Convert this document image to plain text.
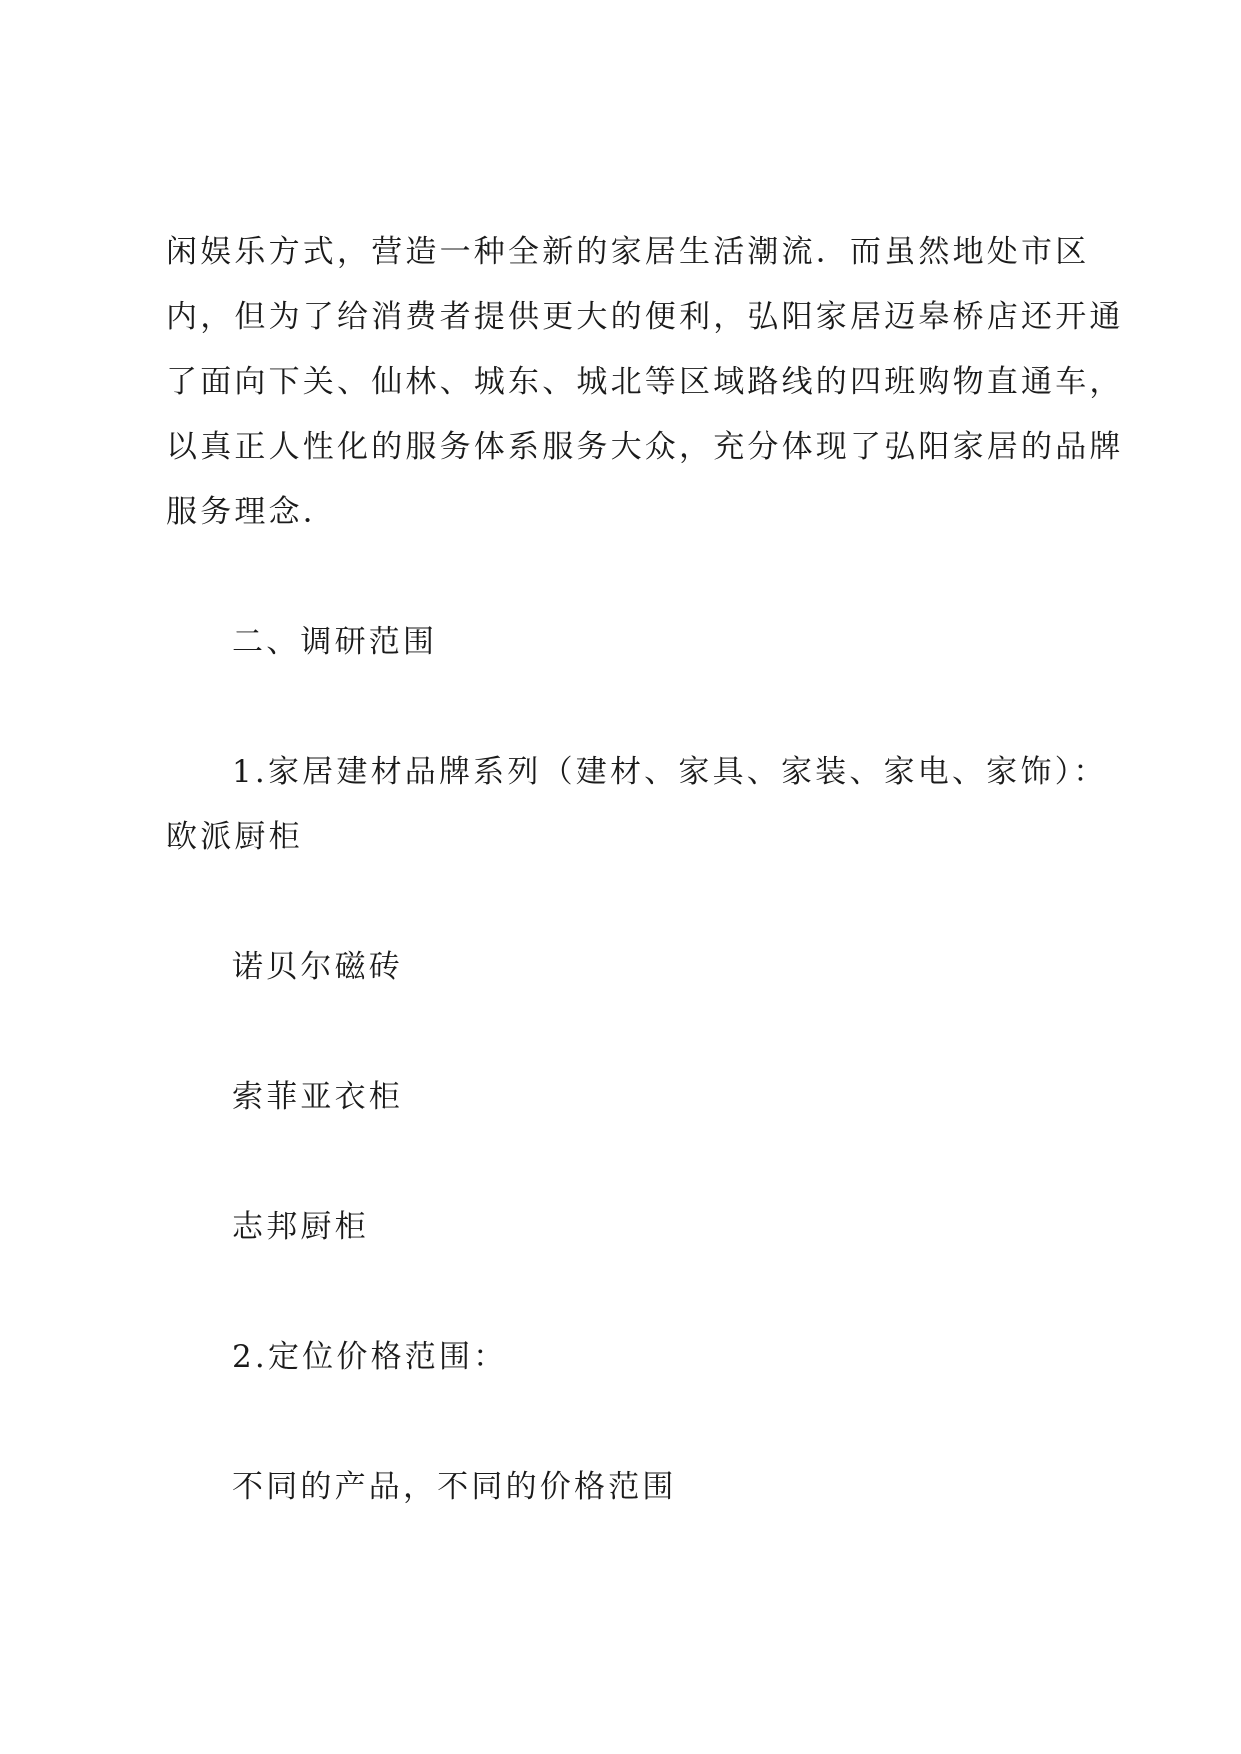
闲娱乐方式，营造一种全新的家居生活潮流．而虽然地处市区
内，但为了给消费者提供更大的便利，弘阳家居迈皋桥店还开通
了面向下关、仙林、城东、城北等区域路线的四班购物直通车，
以真正人性化的服务体系服务大众，充分体现了弘阳家居的品牌
服务理念．
二、调研范围
1.家居建材品牌系列（建材、家具、家装、家电、家饰）：
欧派厨柜
诺贝尔磁砖
索菲亚衣柜
志邦厨柜
2.定位价格范围：
不同的产品，不同的价格范围
